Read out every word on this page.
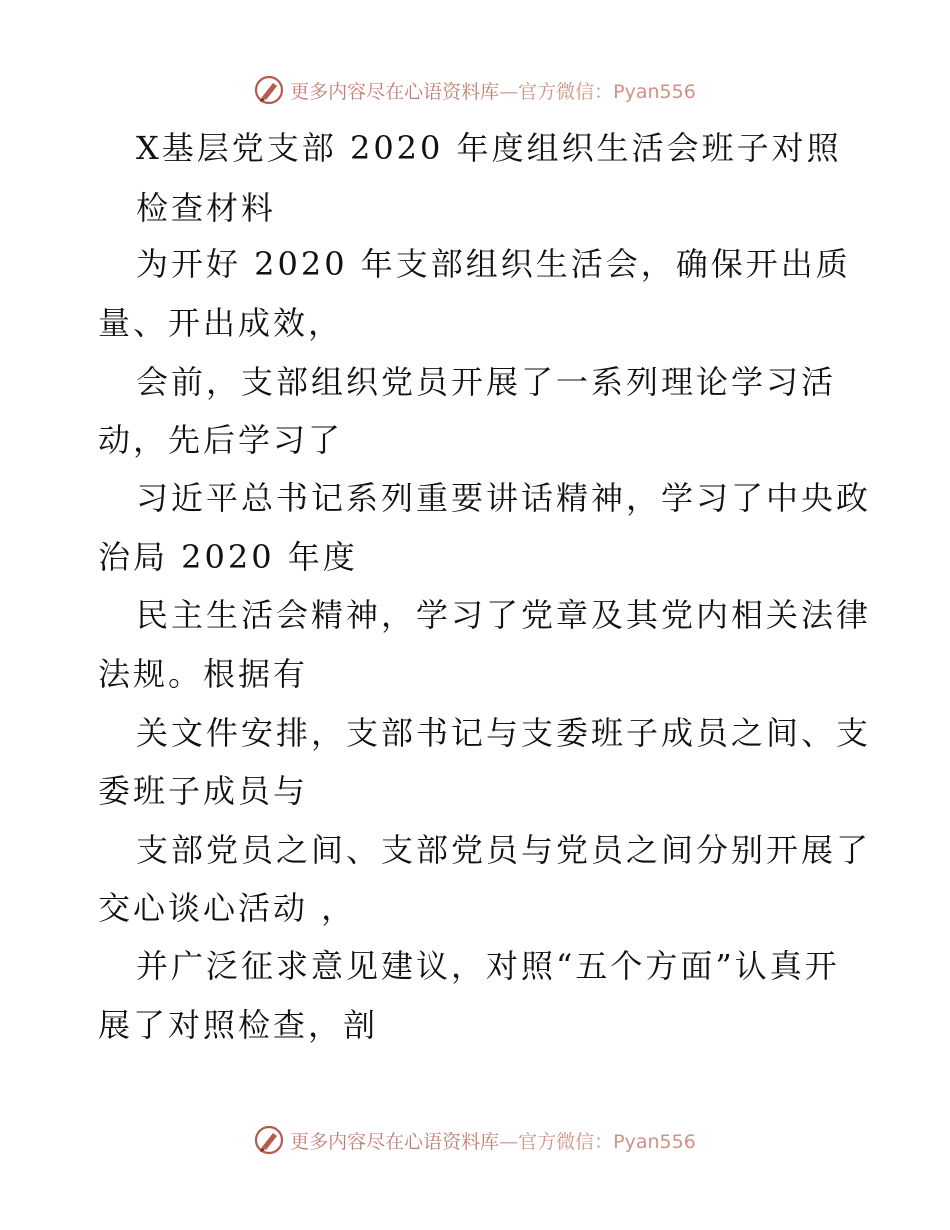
更多内容尽在心语资料库—官方微信：Pyan556
X基层党支部 2020 年度组织生活会班子对照
检查材料
为开好 2020 年支部组织生活会，确保开出质
量、开出成效，
会前，支部组织党员开展了一系列理论学习活
动，先后学习了
习近平总书记系列重要讲话精神，学习了中央政
治局 2020 年度
民主生活会精神，学习了党章及其党内相关法律
法规。根据有
关文件安排，支部书记与支委班子成员之间、支
委班子成员与
支部党员之间、支部党员与党员之间分别开展了
交心谈心活动 ，
并广泛征求意见建议，对照“五个方面”认真开
展了对照检查，剖
更多内容尽在心语资料库—官方微信：Pyan556
